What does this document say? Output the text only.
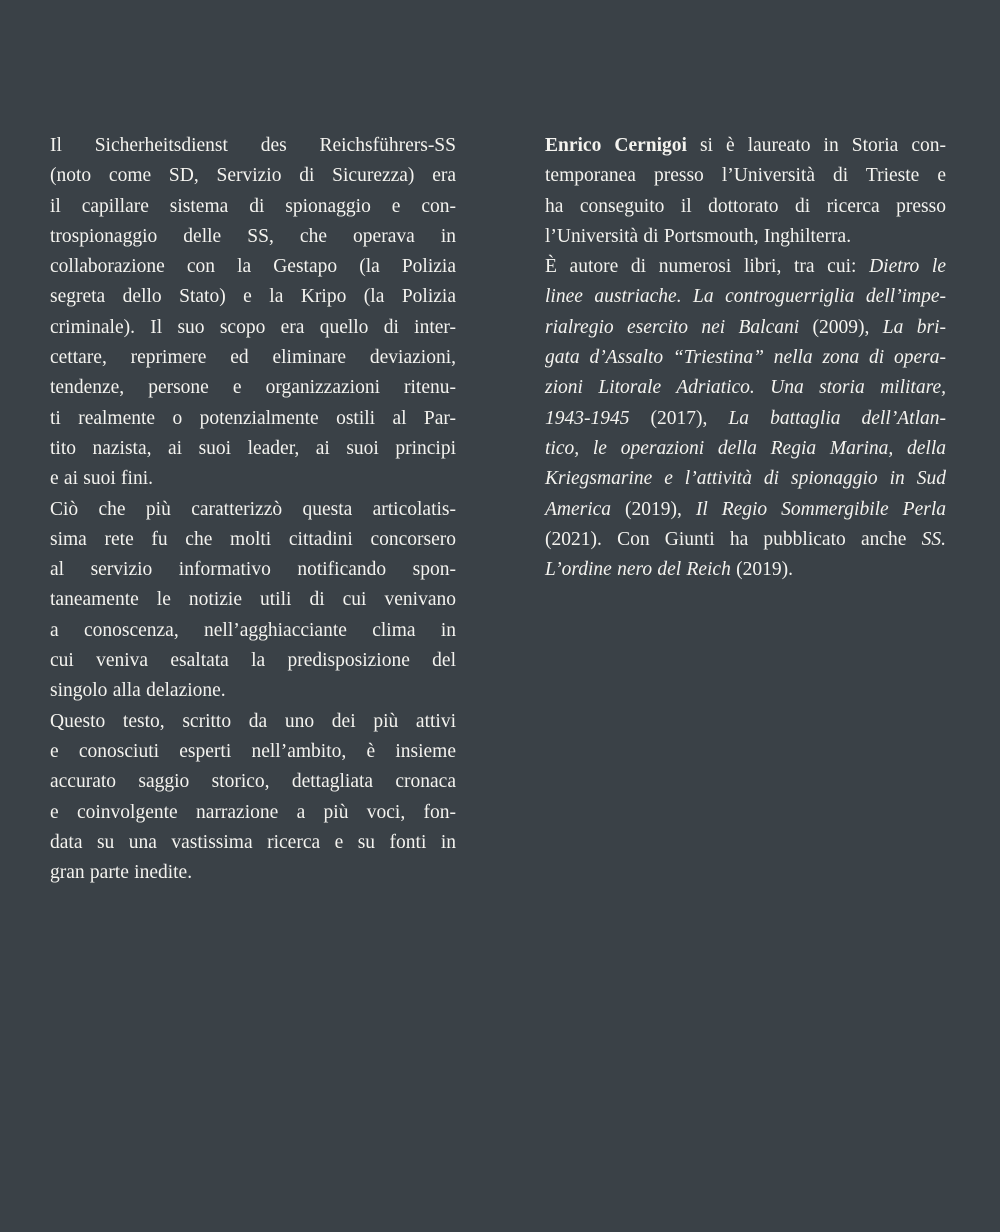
Il Sicherheitsdienst des Reichsführers-SS
(noto come SD, Servizio di Sicurezza) era
il capillare sistema di spionaggio e con-
trospionaggio delle SS, che operava in
collaborazione con la Gestapo (la Polizia
segreta dello Stato) e la Kripo (la Polizia
criminale). Il suo scopo era quello di inter-
cettare, reprimere ed eliminare deviazioni,
tendenze, persone e organizzazioni ritenu-
ti realmente o potenzialmente ostili al Par-
tito nazista, ai suoi leader, ai suoi principi
e ai suoi fini.
Ciò che più caratterizzò questa articolatis-
sima rete fu che molti cittadini concorsero
al servizio informativo notificando spon-
taneamente le notizie utili di cui venivano
a conoscenza, nell’agghiacciante clima in
cui veniva esaltata la predisposizione del
singolo alla delazione.
Questo testo, scritto da uno dei più attivi
e conosciuti esperti nell’ambito, è insieme
accurato saggio storico, dettagliata cronaca
e coinvolgente narrazione a più voci, fon-
data su una vastissima ricerca e su fonti in
gran parte inedite.
Enrico Cernigoi si è laureato in Storia con-
temporanea presso l’Università di Trieste e
ha conseguito il dottorato di ricerca presso
l’Università di Portsmouth, Inghilterra.
È autore di numerosi libri, tra cui: Dietro le
linee austriache. La controguerriglia dell’impe-
rialregio esercito nei Balcani (2009), La bri-
gata d’Assalto “Triestina” nella zona di opera-
zioni Litorale Adriatico. Una storia militare,
1943-1945 (2017), La battaglia dell’Atlan-
tico, le operazioni della Regia Marina, della
Kriegsmarine e l’attività di spionaggio in Sud
America (2019), Il Regio Sommergibile Perla
(2021). Con Giunti ha pubblicato anche SS.
L’ordine nero del Reich (2019).
